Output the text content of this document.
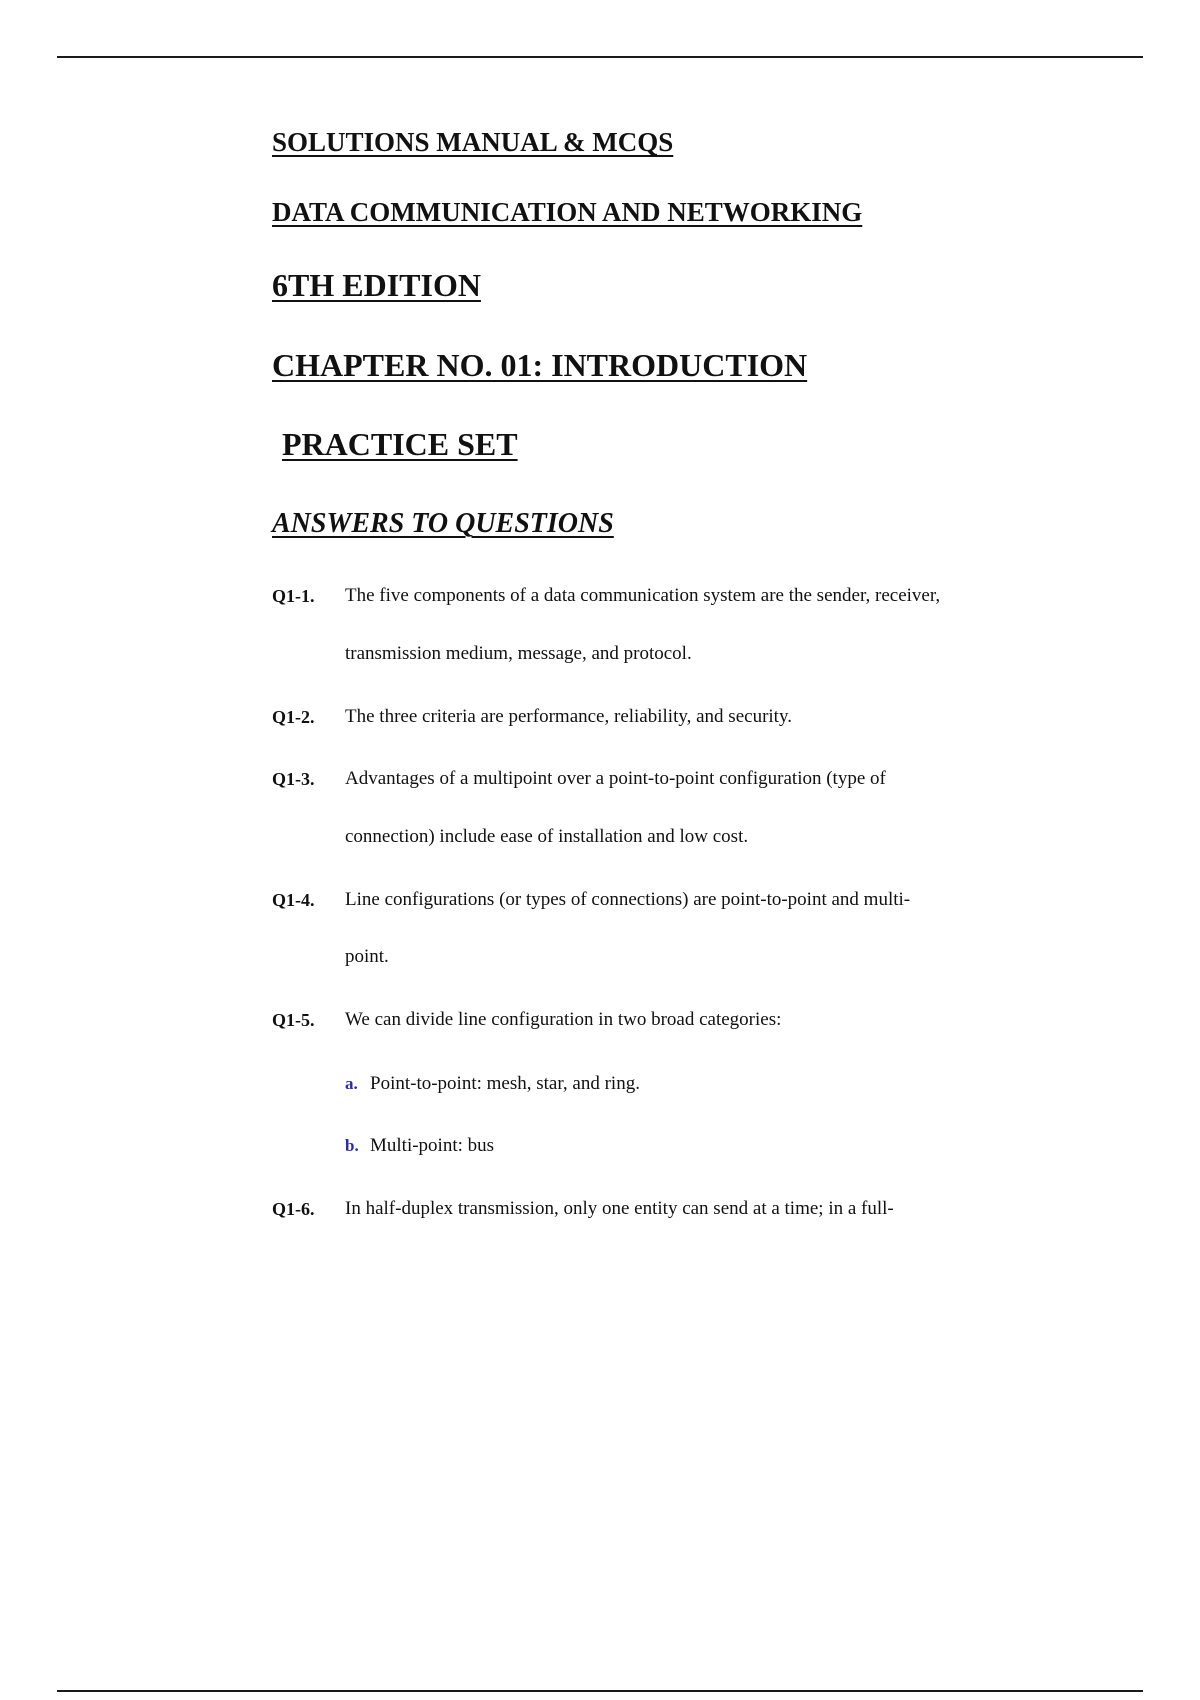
SOLUTIONS MANUAL & MCQS
DATA COMMUNICATION AND NETWORKING
6TH EDITION
CHAPTER NO. 01: INTRODUCTION
PRACTICE SET
ANSWERS TO QUESTIONS
Q1-1. The five components of a data communication system are the sender, receiver,
transmission medium, message, and protocol.
Q1-2. The three criteria are performance, reliability, and security.
Q1-3. Advantages of a multipoint over a point-to-point configuration (type of
connection) include ease of installation and low cost.
Q1-4. Line configurations (or types of connections) are point-to-point and multi-
point.
Q1-5. We can divide line configuration in two broad categories:
a. Point-to-point: mesh, star, and ring.
b. Multi-point: bus
Q1-6. In half-duplex transmission, only one entity can send at a time; in a full-
